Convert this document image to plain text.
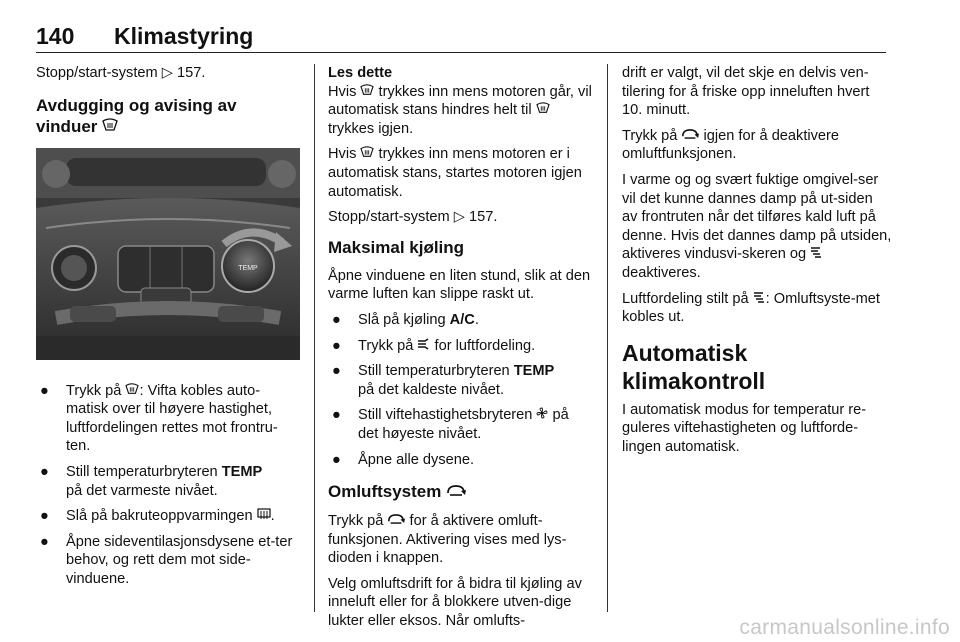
140 Klimastyring

Stopp/start-system ▷ 157.

Avdugging og avising av
vinduer
TEMP
● Trykk på : Vifta kobles auto-matisk over til høyere hastighet, luftfordelingen rettes mot frontru-ten.
● Still temperaturbryteren TEMP
på det varmeste nivået.
● Slå på bakruteoppvarmingen .
● Åpne sideventilasjonsdysene et-ter behov, og rett dem mot side-vinduene.

Les dette
Hvis trykkes inn mens motoren går, vil automatisk stans hindres helt til  trykkes igjen.

Hvis trykkes inn mens motoren er i automatisk stans, startes motoren igjen automatisk.

Stopp/start-system ▷ 157.

Maksimal kjøling

Åpne vinduene en liten stund, slik at den varme luften kan slippe raskt ut.

● Slå på kjøling A/C.
● Trykk på for luftfordeling.
● Still temperaturbryteren TEMP
på det kaldeste nivået.
● Still viftehastighetsbryteren på det høyeste nivået.
● Åpne alle dysene.
Omluftsystem

Trykk på for å aktivere omluft-funksjonen. Aktivering vises med lys-dioden i knappen.

Velg omluftsdrift for å bidra til kjøling av inneluft eller for å blokkere utven-dige lukter eller eksos. Når omlufts-

drift er valgt, vil det skje en delvis ven-tilering for å friske opp inneluften hvert 10. minutt.

Trykk på igjen for å deaktivere omluftfunksjonen.

I varme og og svært fuktige omgivel-ser vil det kunne dannes damp på ut-siden av frontruten når det tilføres kald luft på denne. Hvis det dannes damp på utsiden, aktiveres vindusvi-skeren og  deaktiveres.

Luftfordeling stilt på : Omluftsyste-met kobles ut.

Automatisk klimakontroll

I automatisk modus for temperatur re-guleres viftehastigheten og luftforde-lingen automatisk.

carmanualsonline.info
